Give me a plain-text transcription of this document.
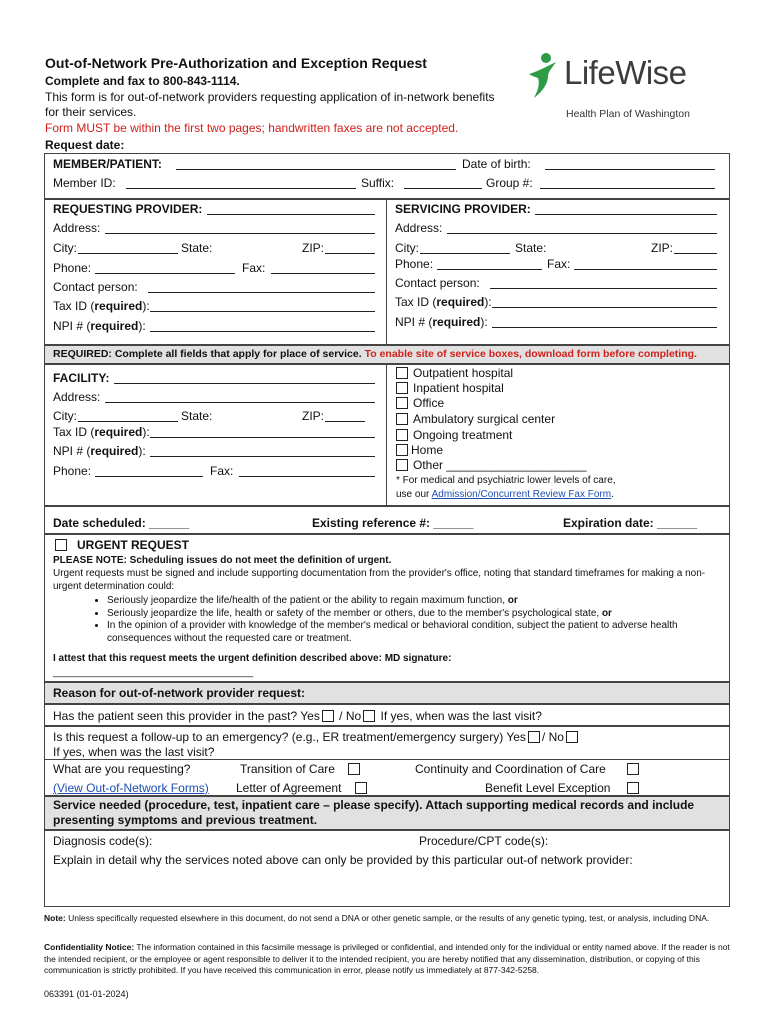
Out-of-Network Pre-Authorization and Exception Request
Complete and fax to 800-843-1114.
This form is for out-of-network providers requesting application of in-network benefits for their services.
Form MUST be within the first two pages; handwritten faxes are not accepted.
Request date:
LifeWise
Health Plan of Washington
MEMBER/PATIENT:	Date of birth:
Member ID:	Suffix:	Group #:
REQUESTING PROVIDER:
Address:
City:	State:	ZIP:
Phone:	Fax:
Contact person:
Tax ID (required):
NPI # (required):
SERVICING PROVIDER:
Address:
City:	State:	ZIP:
Phone:	Fax:
Contact person:
Tax ID (required):
NPI # (required):
REQUIRED: Complete all fields that apply for place of service. To enable site of service boxes, download form before completing.
FACILITY:
Address:
City:	State:	ZIP:
Tax ID (required):
NPI # (required):
Phone:	Fax:
Outpatient hospital
Inpatient hospital
Office
Ambulatory surgical center
Ongoing treatment
Home
Other _____________________
* For medical and psychiatric lower levels of care,
use our Admission/Concurrent Review Fax Form.
Date scheduled: ______	Existing reference #: ______	Expiration date: ______
URGENT REQUEST
PLEASE NOTE: Scheduling issues do not meet the definition of urgent.
Urgent requests must be signed and include supporting documentation from the provider's office, noting that standard timeframes for making a non-urgent determination could:
• Seriously jeopardize the life/health of the patient or the ability to regain maximum function, or
• Seriously jeopardize the life, health or safety of the member or others, due to the member's psychological state, or
• In the opinion of a provider with knowledge of the member's medical or behavioral condition, subject the patient to adverse health consequences without the requested care or treatment.
I attest that this request meets the urgent definition described above: MD signature:
____________________________________
Reason for out-of-network provider request:
Has the patient seen this provider in the past? Yes / No If yes, when was the last visit?
Is this request a follow-up to an emergency? (e.g., ER treatment/emergency surgery) Yes / No
If yes, when was the last visit?
What are you requesting?	Transition of Care	Continuity and Coordination of Care
(View Out-of-Network Forms) Letter of Agreement	Benefit Level Exception
Service needed (procedure, test, inpatient care – please specify). Attach supporting medical records and include presenting symptoms and previous treatment.
Diagnosis code(s):	Procedure/CPT code(s):
Explain in detail why the services noted above can only be provided by this particular out-of network provider:
Note: Unless specifically requested elsewhere in this document, do not send a DNA or other genetic sample, or the results of any genetic typing, test, or analysis, including DNA.
Confidentiality Notice: The information contained in this facsimile message is privileged or confidential, and intended only for the individual or entity named above. If the reader is not the intended recipient, or the employee or agent responsible to deliver it to the intended recipient, you are hereby notified that any dissemination, distribution, or copying of this communication is strictly prohibited. If you have received this communication in error, please notify us immediately at 877-342-5258.
063391 (01-01-2024)
